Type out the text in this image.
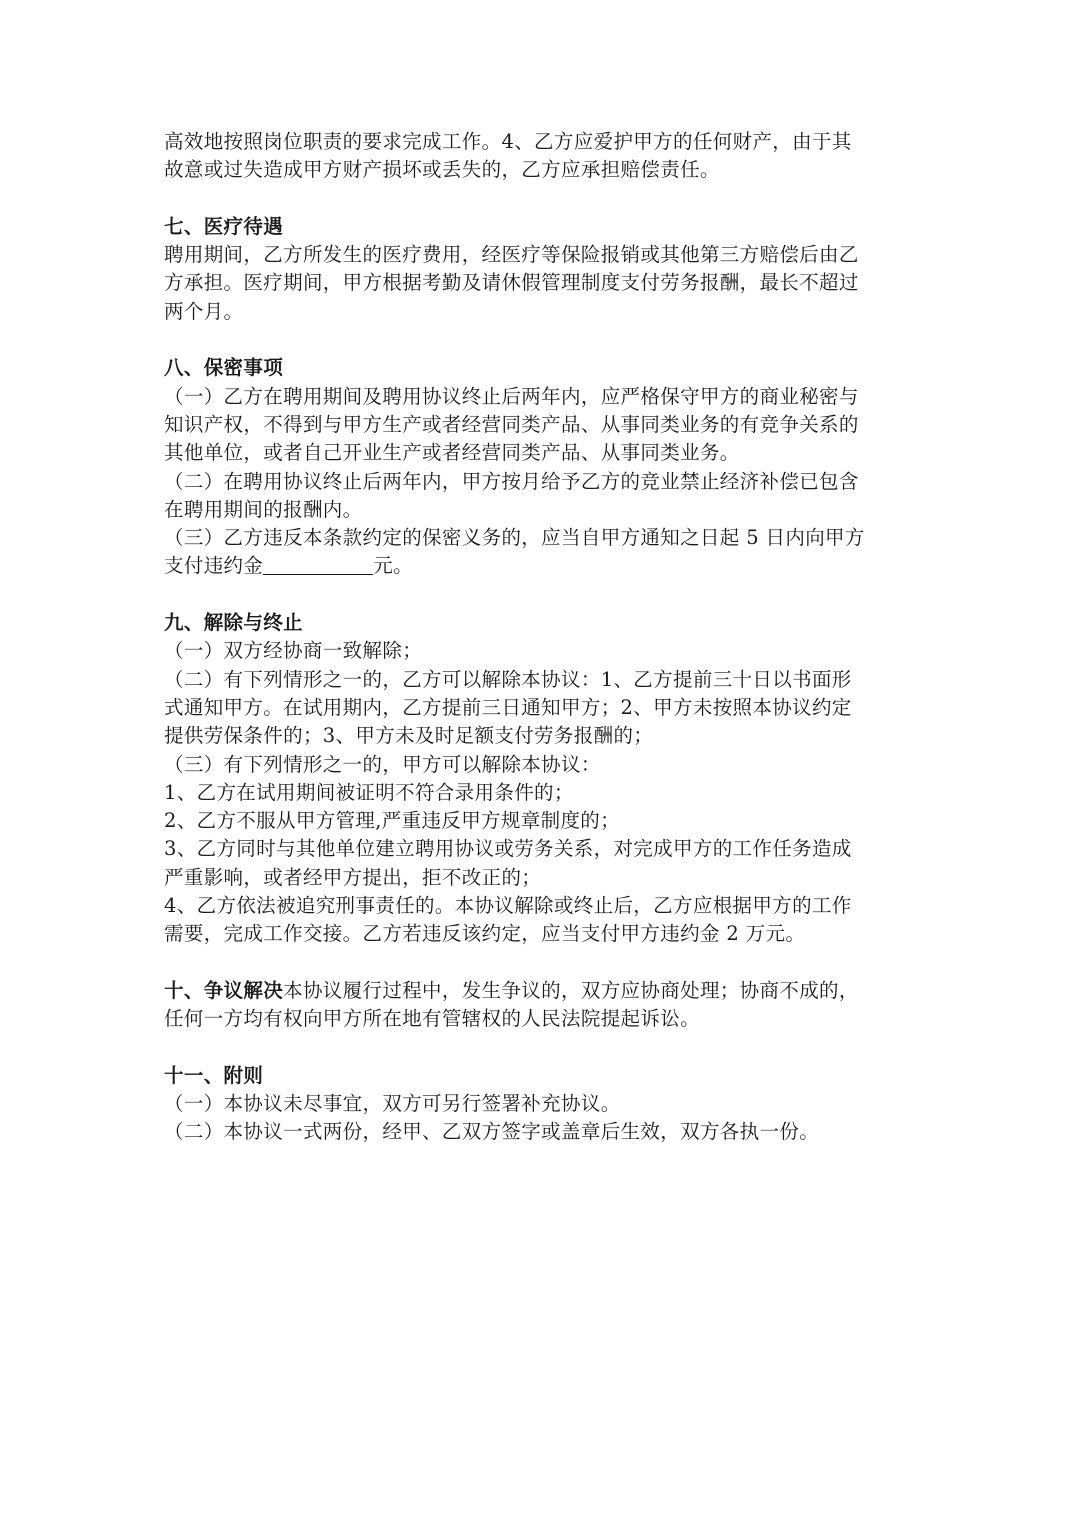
高效地按照岗位职责的要求完成工作。4、乙方应爱护甲方的任何财产，由于其
故意或过失造成甲方财产损坏或丢失的，乙方应承担赔偿责任。
七、医疗待遇
聘用期间，乙方所发生的医疗费用，经医疗等保险报销或其他第三方赔偿后由乙
方承担。医疗期间，甲方根据考勤及请休假管理制度支付劳务报酬，最长不超过
两个月。
八、保密事项
（一）乙方在聘用期间及聘用协议终止后两年内，应严格保守甲方的商业秘密与
知识产权，不得到与甲方生产或者经营同类产品、从事同类业务的有竞争关系的
其他单位，或者自己开业生产或者经营同类产品、从事同类业务。
（二）在聘用协议终止后两年内，甲方按月给予乙方的竞业禁止经济补偿已包含
在聘用期间的报酬内。
（三）乙方违反本条款约定的保密义务的，应当自甲方通知之日起 5 日内向甲方
支付违约金	元。
九、解除与终止
（一）双方经协商一致解除；
（二）有下列情形之一的，乙方可以解除本协议：1、乙方提前三十日以书面形
式通知甲方。在试用期内，乙方提前三日通知甲方；2、甲方未按照本协议约定
提供劳保条件的；3、甲方未及时足额支付劳务报酬的；
（三）有下列情形之一的，甲方可以解除本协议：
1、乙方在试用期间被证明不符合录用条件的；
2、乙方不服从甲方管理,严重违反甲方规章制度的；
3、乙方同时与其他单位建立聘用协议或劳务关系，对完成甲方的工作任务造成
严重影响，或者经甲方提出，拒不改正的；
4、乙方依法被追究刑事责任的。本协议解除或终止后，乙方应根据甲方的工作
需要，完成工作交接。乙方若违反该约定，应当支付甲方违约金 2 万元。
十、争议解决本协议履行过程中，发生争议的，双方应协商处理；协商不成的，
任何一方均有权向甲方所在地有管辖权的人民法院提起诉讼。
十一、附则
（一）本协议未尽事宜，双方可另行签署补充协议。
（二）本协议一式两份，经甲、乙双方签字或盖章后生效，双方各执一份。
